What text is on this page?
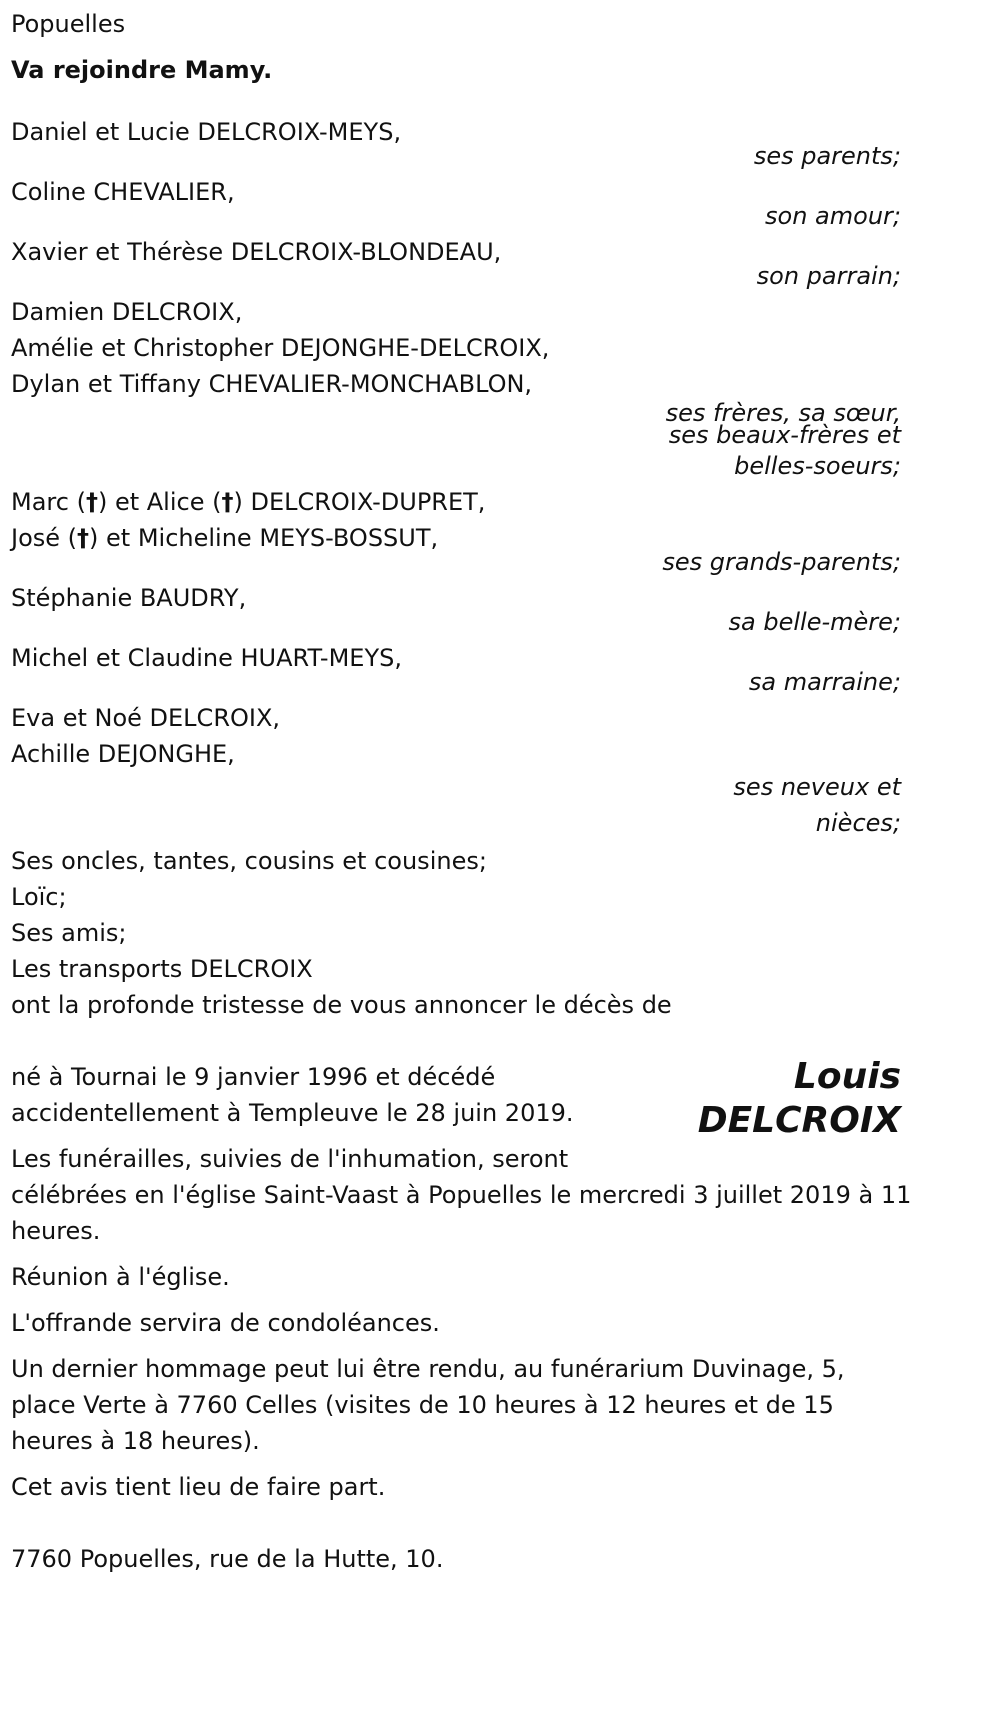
Popuelles
Va rejoindre Mamy.
Daniel et Lucie DELCROIX-MEYS,
ses parents;
Coline CHEVALIER,
son amour;
Xavier et Thérèse DELCROIX-BLONDEAU,
son parrain;
Damien DELCROIX,
Amélie et Christopher DEJONGHE-DELCROIX,
Dylan et Tiffany CHEVALIER-MONCHABLON,
ses frères, sa sœur,
ses beaux-frères et
belles-soeurs;
Marc (†) et Alice (†) DELCROIX-DUPRET,
José (†) et Micheline MEYS-BOSSUT,
ses grands-parents;
Stéphanie BAUDRY,
sa belle-mère;
Michel et Claudine HUART-MEYS,
sa marraine;
Eva et Noé DELCROIX,
Achille DEJONGHE,
ses neveux et
nièces;
Ses oncles, tantes, cousins et cousines;
Loïc;
Ses amis;
Les transports DELCROIX
ont la profonde tristesse de vous annoncer le décès de
Louis
DELCROIX
né à Tournai le 9 janvier 1996 et décédé
accidentellement à Templeuve le 28 juin 2019.
Les funérailles, suivies de l'inhumation, seront
célébrées en l'église Saint-Vaast à Popuelles le mercredi 3 juillet 2019 à 11
heures.
Réunion à l'église.
L'offrande servira de condoléances.
Un dernier hommage peut lui être rendu, au funérarium Duvinage, 5,
place Verte à 7760 Celles (visites de 10 heures à 12 heures et de 15
heures à 18 heures).
Cet avis tient lieu de faire part.
7760 Popuelles, rue de la Hutte, 10.
